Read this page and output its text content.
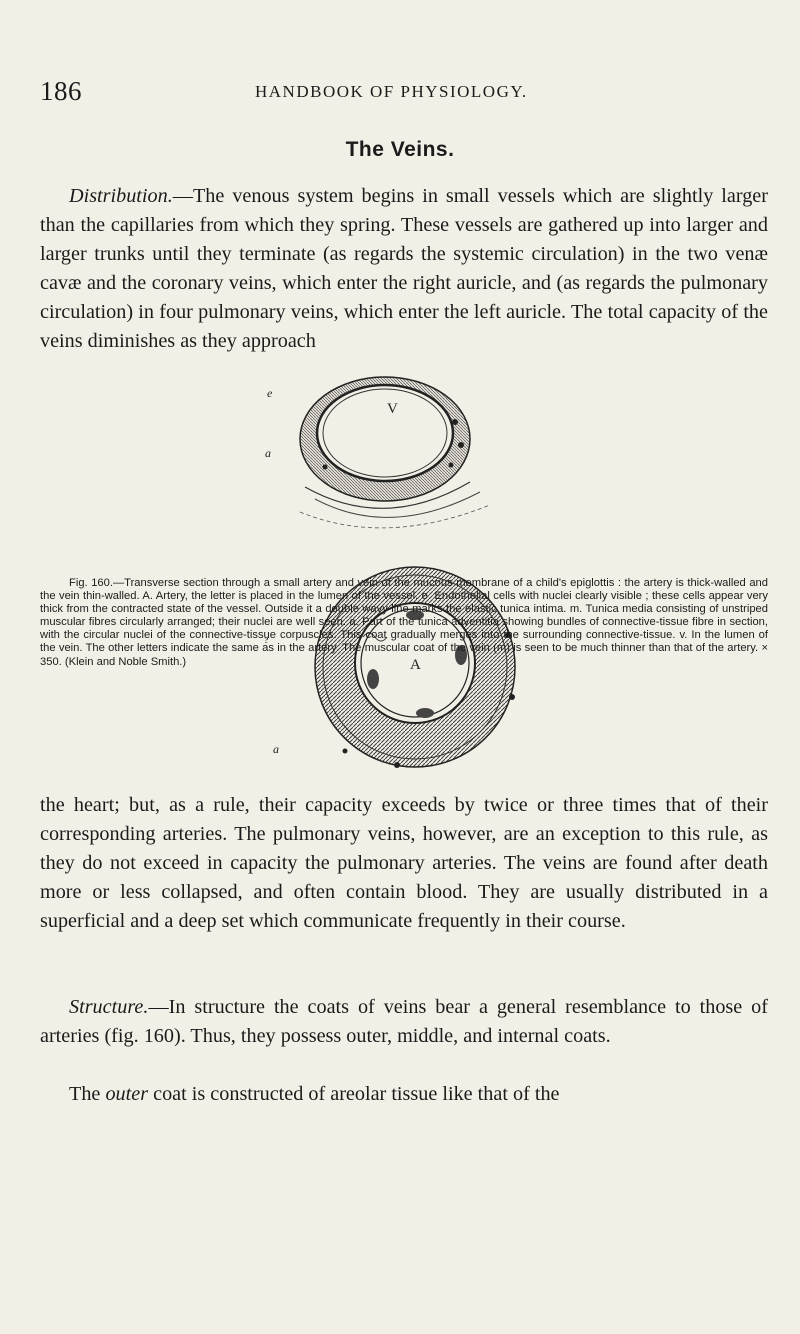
186	HANDBOOK OF PHYSIOLOGY.
The Veins.

Distribution.—The venous system begins in small vessels which are slightly larger than the capillaries from which they spring. These vessels are gathered up into larger and larger trunks until they terminate (as regards the systemic circulation) in the two venæ cavæ and the coronary veins, which enter the right auricle, and (as regards the pulmonary circulation) in four pulmonary veins, which enter the left auricle. The total capacity of the veins diminishes as they approach

V
A
e
a
a

Fig. 160.—Transverse section through a small artery and vein of the mucous membrane of a child's epiglottis : the artery is thick-walled and the vein thin-walled. A. Artery, the letter is placed in the lumen of the vessel. e. Endothelial cells with nuclei clearly visible ; these cells appear very thick from the contracted state of the vessel. Outside it a double wavy line marks the elastic tunica intima. m. Tunica media consisting of unstriped muscular fibres circularly arranged; their nuclei are well seen. a. Part of the tunica adventitia showing bundles of connective-tissue fibre in section, with the circular nuclei of the connective-tissue corpuscles. This coat gradually merges into the surrounding connective-tissue. v. In the lumen of the vein. The other letters indicate the same as in the artery. The muscular coat of the vein (m) is seen to be much thinner than that of the artery. × 350. (Klein and Noble Smith.)

the heart; but, as a rule, their capacity exceeds by twice or three times that of their corresponding arteries. The pulmonary veins, however, are an exception to this rule, as they do not exceed in capacity the pulmonary arteries. The veins are found after death more or less collapsed, and often contain blood. They are usually distributed in a superficial and a deep set which communicate frequently in their course.

Structure.—In structure the coats of veins bear a general resemblance to those of arteries (fig. 160). Thus, they possess outer, middle, and internal coats.

The outer coat is constructed of areolar tissue like that of the
